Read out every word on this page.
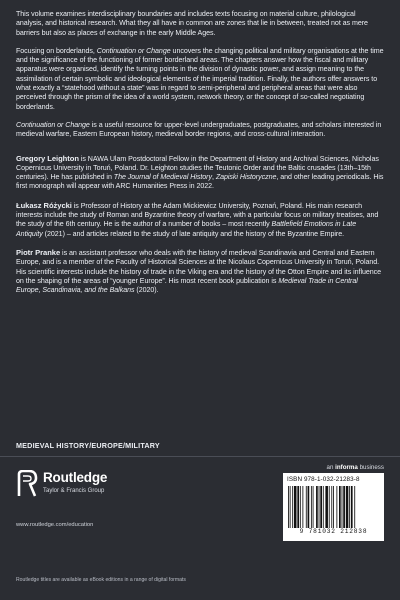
This volume examines interdisciplinary boundaries and includes texts focusing on material culture, philological analysis, and historical research. What they all have in common are zones that lie in between, treated not as mere barriers but also as places of exchange in the early Middle Ages.

Focusing on borderlands, Continuation or Change uncovers the changing political and military organisations at the time and the significance of the functioning of former borderland areas. The chapters answer how the fiscal and military apparatus were organised, identify the turning points in the division of dynastic power, and assign meaning to the assimilation of certain symbolic and ideological elements of the imperial tradition. Finally, the authors offer answers to what exactly a “statehood without a state” was in regard to semi-peripheral and peripheral areas that were also perceived through the prism of the idea of a world system, network theory, or the concept of so-called negotiating borderlands.

Continuation or Change is a useful resource for upper-level undergraduates, postgraduates, and scholars interested in medieval warfare, Eastern European history, medieval border regions, and cross-cultural interaction.

Gregory Leighton is NAWA Ulam Postdoctoral Fellow in the Department of History and Archival Sciences, Nicholas Copernicus University in Toruń, Poland. Dr. Leighton studies the Teutonic Order and the Baltic crusades (13th–15th centuries). He has published in The Journal of Medieval History, Zapiski Historyczne, and other leading periodicals. His first monograph will appear with ARC Humanities Press in 2022.

Łukasz Różycki is Professor of History at the Adam Mickiewicz University, Poznań, Poland. His main research interests include the study of Roman and Byzantine theory of warfare, with a particular focus on military treatises, and the study of the 6th century. He is the author of a number of books – most recently Battlefield Emotions in Late Antiquity (2021) – and articles related to the study of late antiquity and the history of the Byzantine Empire.

Piotr Pranke is an assistant professor who deals with the history of medieval Scandinavia and Central and Eastern Europe, and is a member of the Faculty of Historical Sciences at the Nicolaus Copernicus University in Toruń, Poland. His scientific interests include the history of trade in the Viking era and the history of the Otton Empire and its influence on the shaping of the areas of “younger Europe”. His most recent book publication is Medieval Trade in Central Europe, Scandinavia, and the Balkans (2020).

MEDIEVAL HISTORY/EUROPE/MILITARY
Routledge
Taylor & Francis Group
an informa business
ISBN 978-1-032-21283-8
9 781032 212838
www.routledge.com/education
Routledge titles are available as eBook editions in a range of digital formats
